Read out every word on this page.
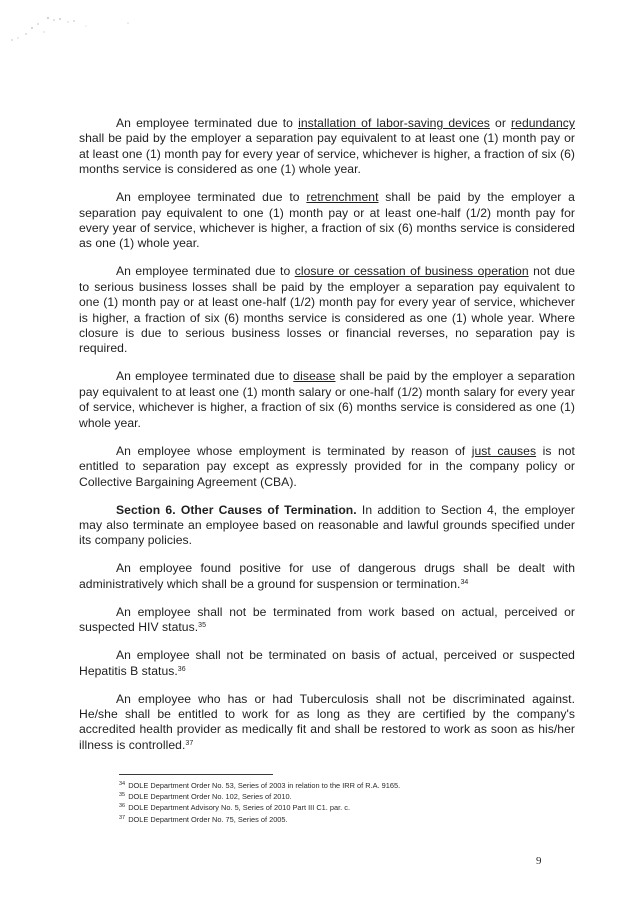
An employee terminated due to installation of labor-saving devices or redundancy shall be paid by the employer a separation pay equivalent to at least one (1) month pay or at least one (1) month pay for every year of service, whichever is higher, a fraction of six (6) months service is considered as one (1) whole year.

An employee terminated due to retrenchment shall be paid by the employer a separation pay equivalent to one (1) month pay or at least one-half (1/2) month pay for every year of service, whichever is higher, a fraction of six (6) months service is considered as one (1) whole year.

An employee terminated due to closure or cessation of business operation not due to serious business losses shall be paid by the employer a separation pay equivalent to one (1) month pay or at least one-half (1/2) month pay for every year of service, whichever is higher, a fraction of six (6) months service is considered as one (1) whole year. Where closure is due to serious business losses or financial reverses, no separation pay is required.

An employee terminated due to disease shall be paid by the employer a separation pay equivalent to at least one (1) month salary or one-half (1/2) month salary for every year of service, whichever is higher, a fraction of six (6) months service is considered as one (1) whole year.

An employee whose employment is terminated by reason of just causes is not entitled to separation pay except as expressly provided for in the company policy or Collective Bargaining Agreement (CBA).

Section 6. Other Causes of Termination. In addition to Section 4, the employer may also terminate an employee based on reasonable and lawful grounds specified under its company policies.

An employee found positive for use of dangerous drugs shall be dealt with administratively which shall be a ground for suspension or termination.$^{34}$

An employee shall not be terminated from work based on actual, perceived or suspected HIV status.$^{35}$

An employee shall not be terminated on basis of actual, perceived or suspected Hepatitis B status.$^{36}$

An employee who has or had Tuberculosis shall not be discriminated against. He/she shall be entitled to work for as long as they are certified by the company's accredited health provider as medically fit and shall be restored to work as soon as his/her illness is controlled.$^{37}$

$^{34}$ DOLE Department Order No. 53, Series of 2003 in relation to the IRR of R.A. 9165.

$^{35}$ DOLE Department Order No. 102, Series of 2010.

$^{36}$ DOLE Department Advisory No. 5, Series of 2010 Part III C1. par. c.

$^{37}$ DOLE Department Order No. 75, Series of 2005.

9
